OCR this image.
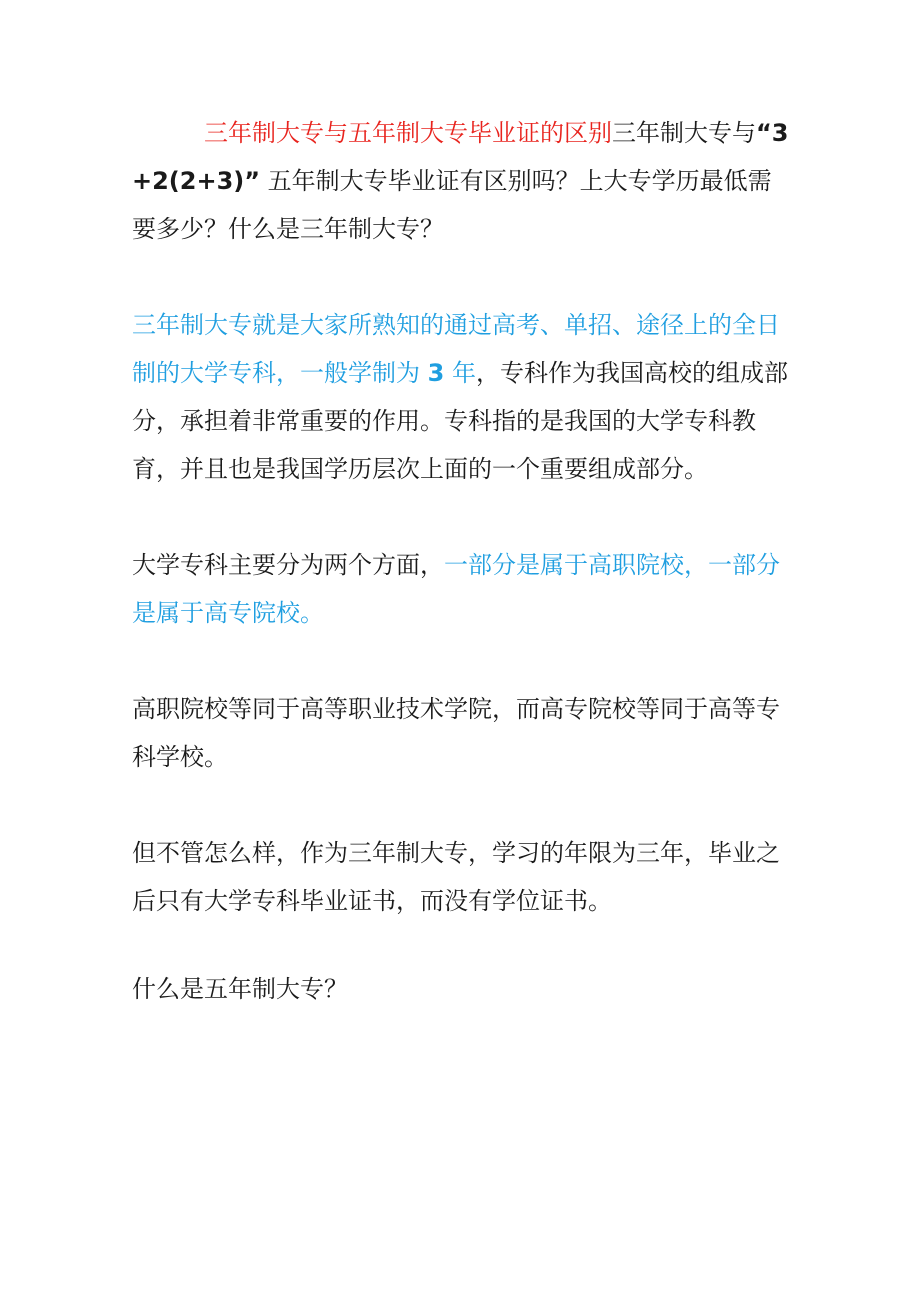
三年制大专与五年制大专毕业证的区别三年制大专与“3+2(2+3)” 五年制大专毕业证有区别吗？上大专学历最低需要多少？什么是三年制大专？

三年制大专就是大家所熟知的通过高考、单招、途径上的全日制的大学专科，一般学制为 3 年，专科作为我国高校的组成部分，承担着非常重要的作用。专科指的是我国的大学专科教育，并且也是我国学历层次上面的一个重要组成部分。

大学专科主要分为两个方面，一部分是属于高职院校，一部分是属于高专院校。

高职院校等同于高等职业技术学院，而高专院校等同于高等专科学校。

但不管怎么样，作为三年制大专，学习的年限为三年，毕业之后只有大学专科毕业证书，而没有学位证书。

什么是五年制大专？
